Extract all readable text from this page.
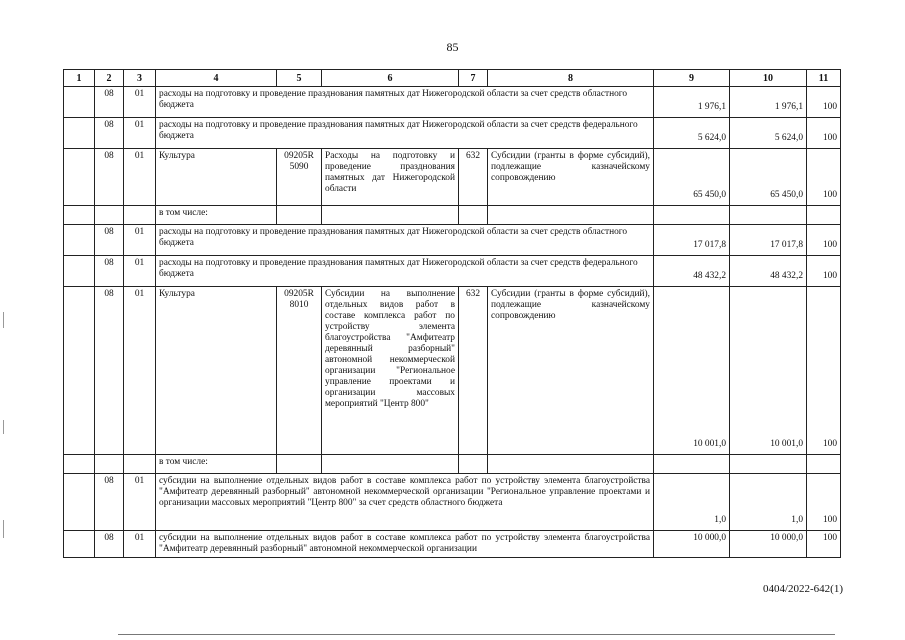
85
1	2	3	4	5	6	7	8	9	10	11
	08	01	расходы на подготовку и проведение празднования памятных дат Нижегородской области за счет средств областного бюджета					1 976,1	1 976,1	100
	08	01	расходы на подготовку и проведение празднования памятных дат Нижегородской области за счет средств федерального бюджета					5 624,0	5 624,0	100
	08	01	Культура	09205R 5090	Расходы на подготовку и проведение празднования памятных дат Нижегородской области	632	Субсидии (гранты в форме субсидий), подлежащие казначейскому сопровождению	65 450,0	65 450,0	100
			в том числе:							
	08	01	расходы на подготовку и проведение празднования памятных дат Нижегородской области за счет средств областного бюджета					17 017,8	17 017,8	100
	08	01	расходы на подготовку и проведение празднования памятных дат Нижегородской области за счет средств федерального бюджета					48 432,2	48 432,2	100
	08	01	Культура	09205R 8010	Субсидии на выполнение отдельных видов работ в составе комплекса работ по устройству элемента благоустройства "Амфитеатр деревянный разборный" автономной некоммерческой организации "Региональное управление проектами и организации массовых мероприятий "Центр 800"	632	Субсидии (гранты в форме субсидий), подлежащие казначейскому сопровождению	10 001,0	10 001,0	100
			в том числе:							
	08	01	субсидии на выполнение отдельных видов работ в составе комплекса работ по устройству элемента благоустройства "Амфитеатр деревянный разборный" автономной некоммерческой организации "Региональное управление проектами и организации массовых мероприятий "Центр 800" за счет средств областного бюджета					1,0	1,0	100
	08	01	субсидии на выполнение отдельных видов работ в составе комплекса работ по устройству элемента благоустройства "Амфитеатр деревянный разборный" автономной некоммерческой организации					10 000,0	10 000,0	100
0404/2022-642(1)
